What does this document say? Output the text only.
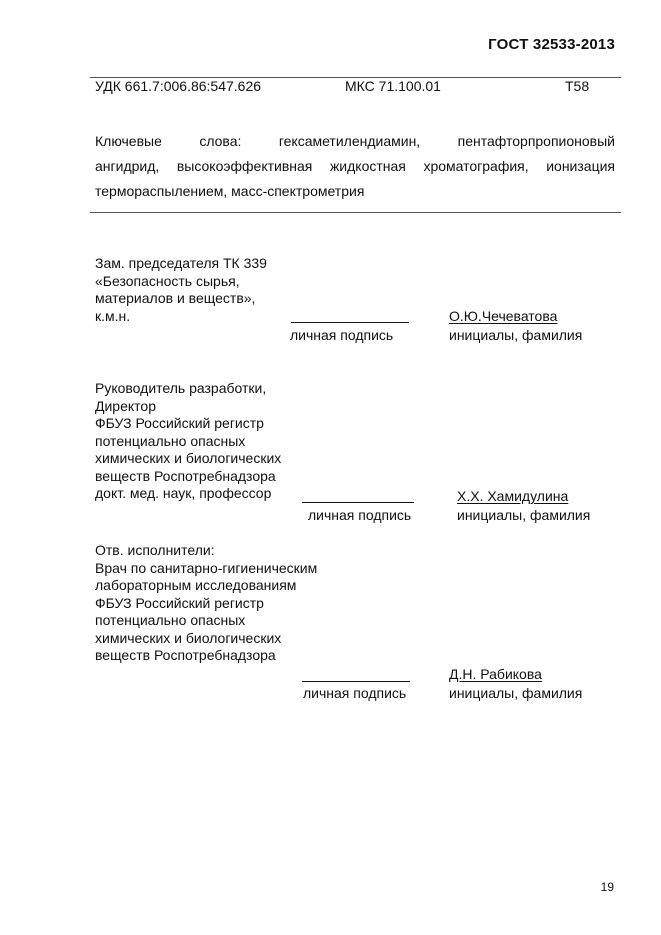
ГОСТ 32533-2013
УДК 661.7:006.86:547.626	МКС 71.100.01	Т58
Ключевые слова: гексаметилендиамин, пентафторпропионовый
ангидрид, высокоэффективная жидкостная хроматография, ионизация
термораспылением, масс-спектрометрия
Зам. председателя ТК 339
«Безопасность сырья,
материалов и веществ»,
к.м.н.
личная подпись
О.Ю.Чечеватова
инициалы, фамилия
Руководитель разработки,
Директор
ФБУЗ Российский регистр
потенциально опасных
химических и биологических
веществ Роспотребнадзора
докт. мед. наук, профессор
личная подпись
Х.Х. Хамидулина
инициалы, фамилия
Отв. исполнители:
Врач по санитарно-гигиеническим
лабораторным исследованиям
ФБУЗ Российский регистр
потенциально опасных
химических и биологических
веществ Роспотребнадзора
личная подпись
Д.Н. Рабикова
инициалы, фамилия
19
